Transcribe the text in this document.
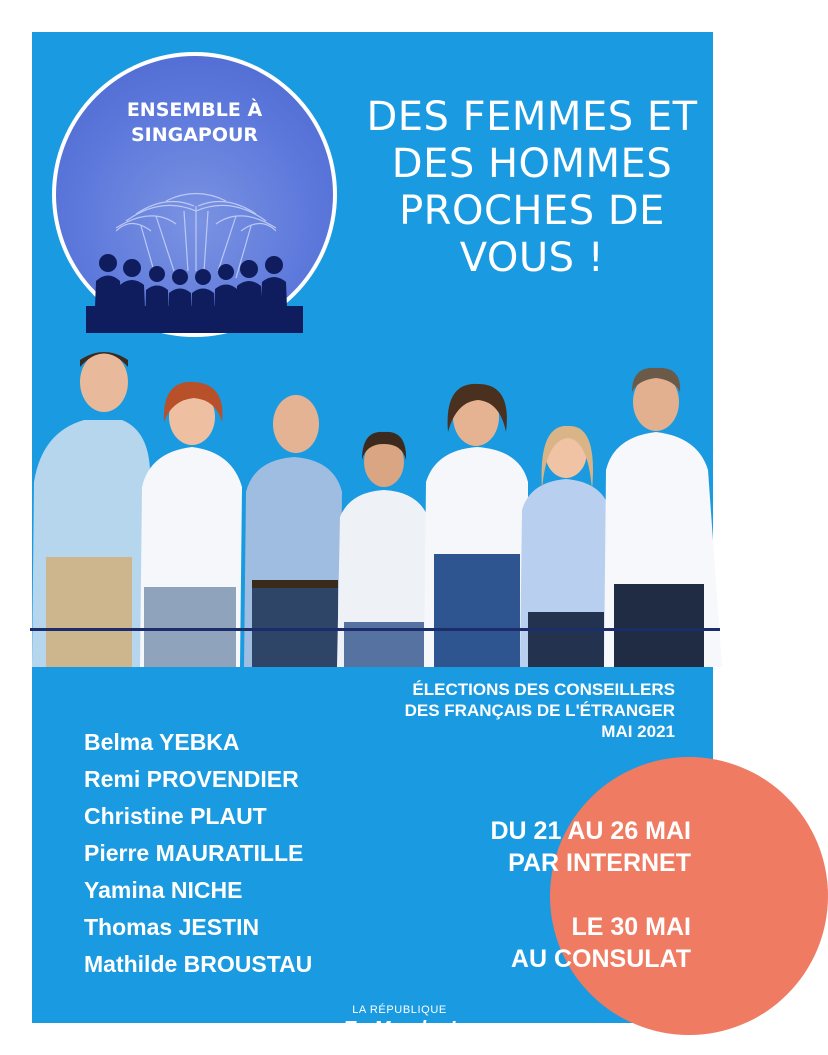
ENSEMBLE À
SINGAPOUR	DES FEMMES ET
DES HOMMES
PROCHES DE
VOUS !
ÉLECTIONS DES CONSEILLERS
DES FRANÇAIS DE L'ÉTRANGER
MAI 2021
Belma YEBKA
Remi PROVENDIER
Christine PLAUT
Pierre MAURATILLE
Yamina NICHE
Thomas JESTIN
Mathilde BROUSTAU
DU 21 AU 26 MAI
PAR INTERNET
LE 30 MAI
AU CONSULAT
LA RÉPUBLIQUE
En Marche !
